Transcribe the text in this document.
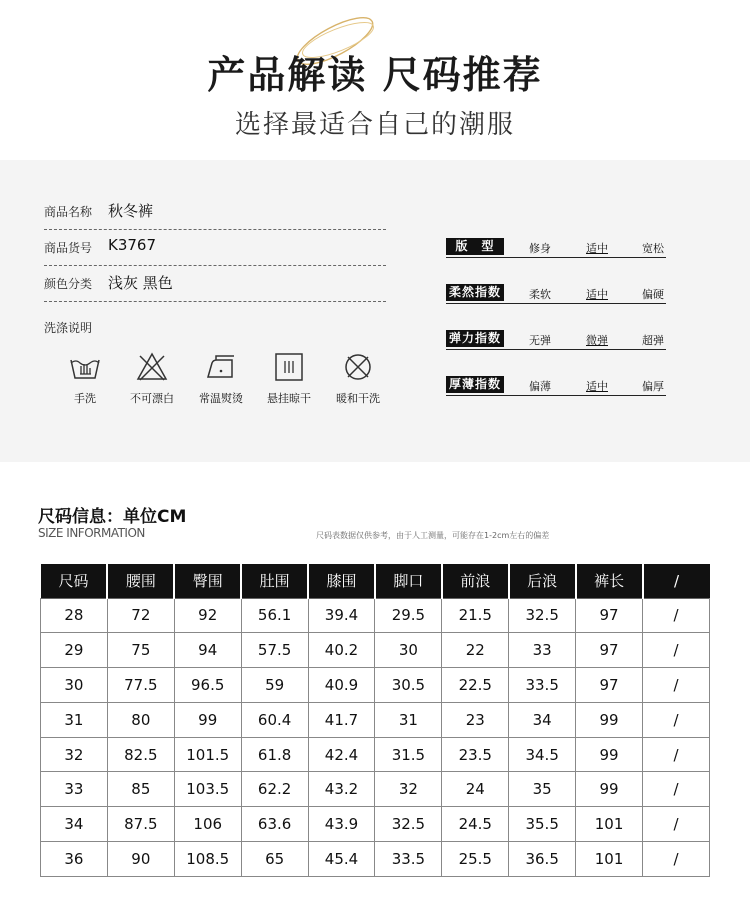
产品解读 尺码推荐
选择最适合自己的潮服
商品名称 秋冬裤
商品货号 K3767
颜色分类 浅灰 黑色
洗涤说明
手洗	不可漂白	常温熨烫	悬挂晾干	暖和干洗
版　型	修身	适中	宽松
柔然指数	柔软	适中	偏硬
弹力指数	无弹	微弹	超弹
厚薄指数	偏薄	适中	偏厚
尺码信息：单位CM
SIZE INFORMATION	尺码表数据仅供参考，由于人工测量，可能存在1-2cm左右的偏差
尺码	腰围	臀围	肚围	膝围	脚口	前浪	后浪	裤长	/
28	72	92	56.1	39.4	29.5	21.5	32.5	97	/
29	75	94	57.5	40.2	30	22	33	97	/
30	77.5	96.5	59	40.9	30.5	22.5	33.5	97	/
31	80	99	60.4	41.7	31	23	34	99	/
32	82.5	101.5	61.8	42.4	31.5	23.5	34.5	99	/
33	85	103.5	62.2	43.2	32	24	35	99	/
34	87.5	106	63.6	43.9	32.5	24.5	35.5	101	/
36	90	108.5	65	45.4	33.5	25.5	36.5	101	/
